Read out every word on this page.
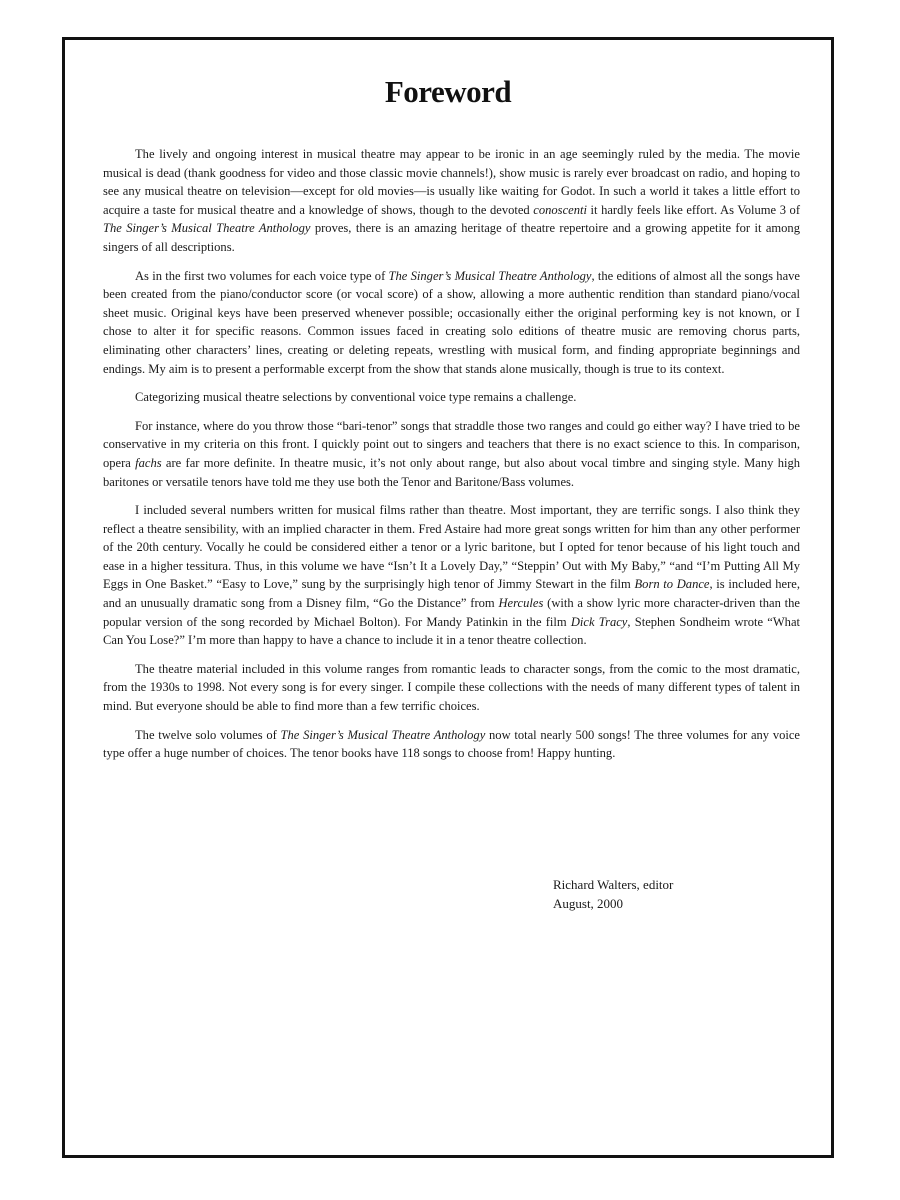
Foreword

The lively and ongoing interest in musical theatre may appear to be ironic in an age seemingly ruled by the media. The movie musical is dead (thank goodness for video and those classic movie channels!), show music is rarely ever broadcast on radio, and hoping to see any musical theatre on television—except for old movies—is usually like waiting for Godot. In such a world it takes a little effort to acquire a taste for musical theatre and a knowledge of shows, though to the devoted conoscenti it hardly feels like effort. As Volume 3 of The Singer’s Musical Theatre Anthology proves, there is an amazing heritage of theatre repertoire and a growing appetite for it among singers of all descriptions.

As in the first two volumes for each voice type of The Singer’s Musical Theatre Anthology, the editions of almost all the songs have been created from the piano/conductor score (or vocal score) of a show, allowing a more authentic rendition than standard piano/vocal sheet music. Original keys have been preserved whenever possible; occasionally either the original performing key is not known, or I chose to alter it for specific reasons. Common issues faced in creating solo editions of theatre music are removing chorus parts, eliminating other characters’ lines, creating or deleting repeats, wrestling with musical form, and finding appropriate beginnings and endings. My aim is to present a performable excerpt from the show that stands alone musically, though is true to its context.

Categorizing musical theatre selections by conventional voice type remains a challenge.

For instance, where do you throw those “bari-tenor” songs that straddle those two ranges and could go either way? I have tried to be conservative in my criteria on this front. I quickly point out to singers and teachers that there is no exact science to this. In comparison, opera fachs are far more definite. In theatre music, it’s not only about range, but also about vocal timbre and singing style. Many high baritones or versatile tenors have told me they use both the Tenor and Baritone/Bass volumes.

I included several numbers written for musical films rather than theatre. Most important, they are terrific songs. I also think they reflect a theatre sensibility, with an implied character in them. Fred Astaire had more great songs written for him than any other performer of the 20th century. Vocally he could be considered either a tenor or a lyric baritone, but I opted for tenor because of his light touch and ease in a higher tessitura. Thus, in this volume we have “Isn’t It a Lovely Day,” “Steppin’ Out with My Baby,” “and “I’m Putting All My Eggs in One Basket.” “Easy to Love,” sung by the surprisingly high tenor of Jimmy Stewart in the film Born to Dance, is included here, and an unusually dramatic song from a Disney film, “Go the Distance” from Hercules (with a show lyric more character-driven than the popular version of the song recorded by Michael Bolton). For Mandy Patinkin in the film Dick Tracy, Stephen Sondheim wrote “What Can You Lose?” I’m more than happy to have a chance to include it in a tenor theatre collection.

The theatre material included in this volume ranges from romantic leads to character songs, from the comic to the most dramatic, from the 1930s to 1998. Not every song is for every singer. I compile these collections with the needs of many different types of talent in mind. But everyone should be able to find more than a few terrific choices.

The twelve solo volumes of The Singer’s Musical Theatre Anthology now total nearly 500 songs! The three volumes for any voice type offer a huge number of choices. The tenor books have 118 songs to choose from! Happy hunting.

Richard Walters, editor
August, 2000
